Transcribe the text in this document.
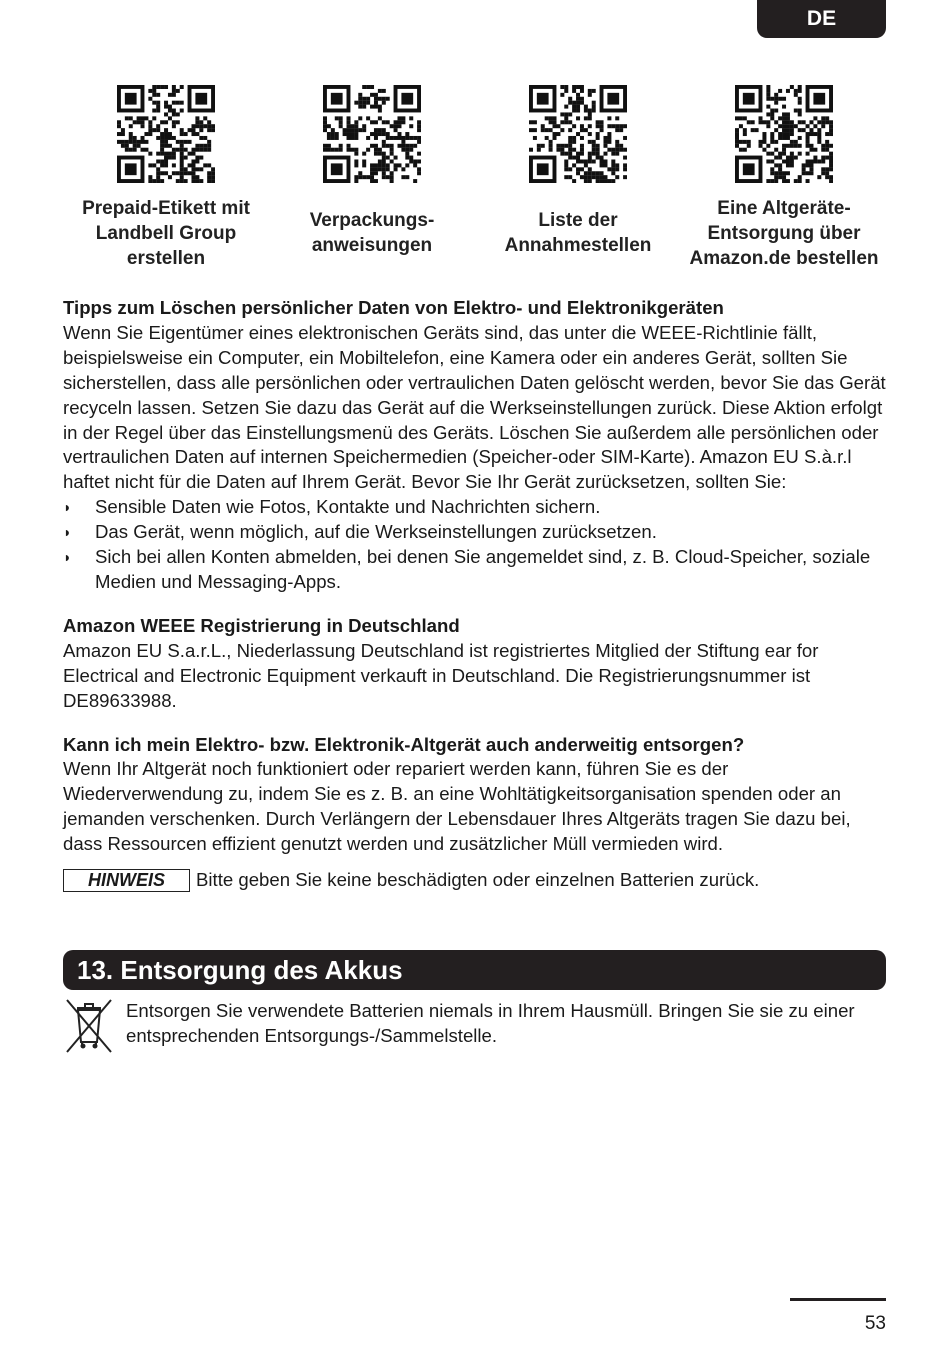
DE
Prepaid-Etikett mit Landbell Group erstellen
Verpackungs-anweisungen
Liste der Annahmestellen
Eine Altgeräte-Entsorgung über Amazon.de bestellen
Tipps zum Löschen persönlicher Daten von Elektro- und Elektronikgeräten

Wenn Sie Eigentümer eines elektronischen Geräts sind, das unter die WEEE-Richtlinie fällt, beispielsweise ein Computer, ein Mobiltelefon, eine Kamera oder ein anderes Gerät, sollten Sie sicherstellen, dass alle persönlichen oder vertraulichen Daten gelöscht werden, bevor Sie das Gerät recyceln lassen. Setzen Sie dazu das Gerät auf die Werkseinstellungen zurück. Diese Aktion erfolgt in der Regel über das Einstellungsmenü des Geräts. Löschen Sie außerdem alle persönlichen oder vertraulichen Daten auf internen Speichermedien (Speicher-oder SIM-Karte). Amazon EU S.à.r.l haftet nicht für die Daten auf Ihrem Gerät. Bevor Sie Ihr Gerät zurücksetzen, sollten Sie:

◗ Sensible Daten wie Fotos, Kontakte und Nachrichten sichern.
◗ Das Gerät, wenn möglich, auf die Werkseinstellungen zurücksetzen.
◗ Sich bei allen Konten abmelden, bei denen Sie angemeldet sind, z. B. Cloud-Speicher, soziale Medien und Messaging-Apps.
Amazon WEEE Registrierung in Deutschland

Amazon EU S.a.r.L., Niederlassung Deutschland ist registriertes Mitglied der Stiftung ear for Electrical and Electronic Equipment verkauft in Deutschland. Die Registrierungsnummer ist DE89633988.

Kann ich mein Elektro- bzw. Elektronik-Altgerät auch anderweitig entsorgen?

Wenn Ihr Altgerät noch funktioniert oder repariert werden kann, führen Sie es der Wiederverwendung zu, indem Sie es z. B. an eine Wohltätigkeitsorganisation spenden oder an jemanden verschenken. Durch Verlängern der Lebensdauer Ihres Altgeräts tragen Sie dazu bei, dass Ressourcen effizient genutzt werden und zusätzlicher Müll vermieden wird.

HINWEIS	Bitte geben Sie keine beschädigten oder einzelnen Batterien zurück.
13. Entsorgung des Akkus
Entsorgen Sie verwendete Batterien niemals in Ihrem Hausmüll. Bringen Sie sie zu einer entsprechenden Entsorgungs-/Sammelstelle.
53
